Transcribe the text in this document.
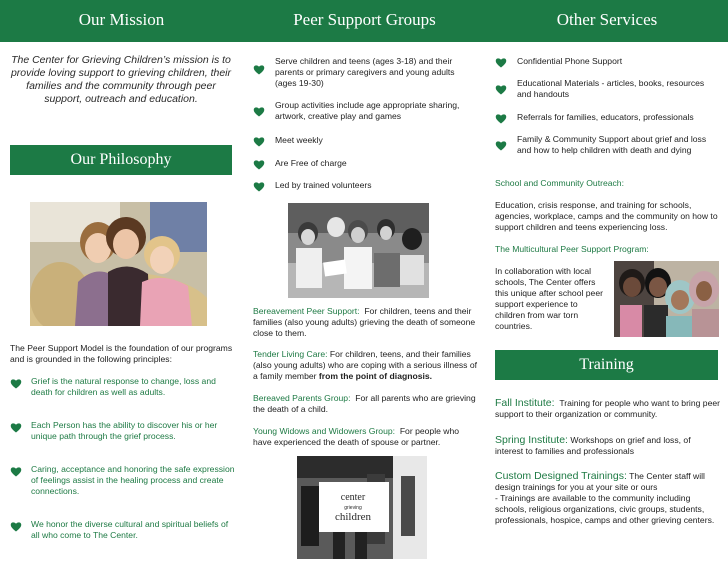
Our Mission	Peer Support Groups	Other Services
The Center for Grieving Children’s mission is to provide loving support to grieving children, their families and the community through peer support, outreach and education.
Our Philosophy
The Peer Support Model is the foundation of our programs and is grounded in the following principles:
Grief is the natural response to change, loss and death for children as well as adults.
Each Person has the ability to discover his or her unique path through the grief process.
Caring, acceptance and honoring the safe expression of feelings assist in the healing process and create connections.
We honor the diverse cultural and spiritual beliefs of all who come to The Center.
Serve children and teens (ages 3-18) and their parents or primary caregivers and young adults (ages 19-30)
Group activities include age appropriate sharing, artwork, creative play and games
Meet weekly
Are Free of charge
Led by trained volunteers
Bereavement Peer Support: For children, teens and their families (also young adults) grieving the death of someone close to them.
Tender Living Care: For children, teens, and their families (also young adults) who are coping with a serious illness of a family member from the point of diagnosis.
Bereaved Parents Group: For all parents who are grieving the death of a child.
Young Widows and Widowers Group: For people who have experienced the death of spouse or partner.
center
grieving
children
Confidential Phone Support
Educational Materials - articles, books, resources and handouts
Referrals for families, educators, professionals
Family & Community Support about grief and loss and how to help children with death and dying
School and Community Outreach:
Education, crisis response, and training for schools, agencies, workplace, camps and the community on how to support children and teens experiencing loss.
The Multicultural Peer Support Program:
In collaboration with local schools, The Center offers this unique after school peer support experience to children from war torn countries.
Training
Fall Institute: Training for people who want to bring peer support to their organization or community.
Spring Institute: Workshops on grief and loss, of interest to families and professionals
Custom Designed Trainings: The Center staff will design trainings for you at your site or ours
- Trainings are available to the community including schools, religious organizations, civic groups, students, professionals, hospice, camps and other grieving centers.
